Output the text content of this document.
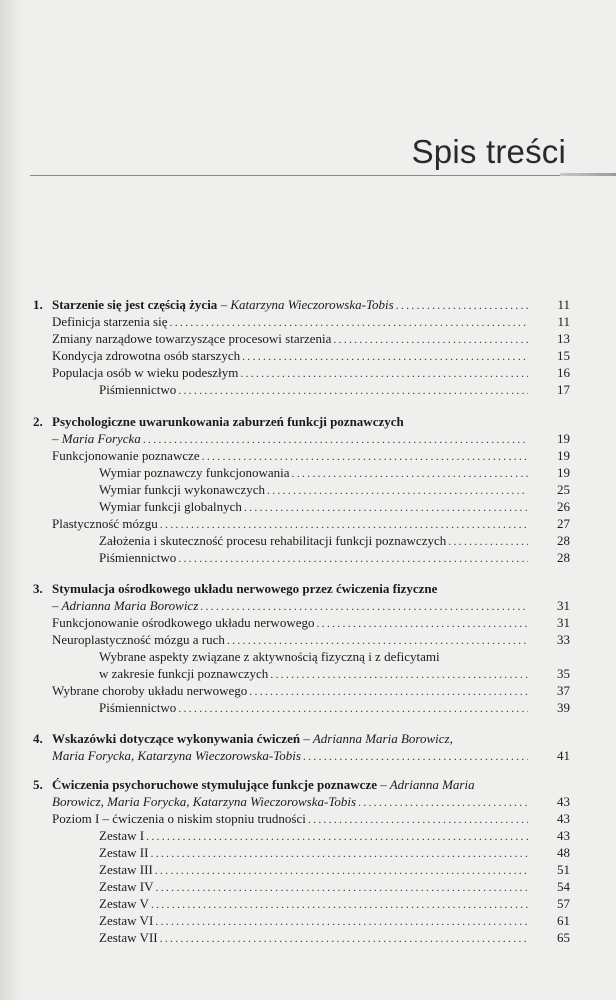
Spis treści
1. Starzenie się jest częścią życia – Katarzyna Wieczorowska-Tobis .....	11
Definicja starzenia się .....	11
Zmiany narządowe towarzyszące procesowi starzenia .....	13
Kondycja zdrowotna osób starszych .....	15
Populacja osób w wieku podeszłym .....	16
Piśmiennictwo .....	17
2. Psychologiczne uwarunkowania zaburzeń funkcji poznawczych
– Maria Forycka .....	19
Funkcjonowanie poznawcze .....	19
Wymiar poznawczy funkcjonowania .....	19
Wymiar funkcji wykonawczych .....	25
Wymiar funkcji globalnych .....	26
Plastyczność mózgu .....	27
Założenia i skuteczność procesu rehabilitacji funkcji poznawczych .....	28
Piśmiennictwo .....	28
3. Stymulacja ośrodkowego układu nerwowego przez ćwiczenia fizyczne
– Adrianna Maria Borowicz .....	31
Funkcjonowanie ośrodkowego układu nerwowego .....	31
Neuroplastyczność mózgu a ruch .....	33
Wybrane aspekty związane z aktywnością fizyczną i z deficytami
w zakresie funkcji poznawczych .....	35
Wybrane choroby układu nerwowego .....	37
Piśmiennictwo .....	39
4. Wskazówki dotyczące wykonywania ćwiczeń – Adrianna Maria Borowicz,
Maria Forycka, Katarzyna Wieczorowska-Tobis .....	41
5. Ćwiczenia psychoruchowe stymulujące funkcje poznawcze – Adrianna Maria
Borowicz, Maria Forycka, Katarzyna Wieczorowska-Tobis .....	43
Poziom I – ćwiczenia o niskim stopniu trudności .....	43
Zestaw I .....	43
Zestaw II .....	48
Zestaw III .....	51
Zestaw IV .....	54
Zestaw V .....	57
Zestaw VI .....	61
Zestaw VII .....	65
